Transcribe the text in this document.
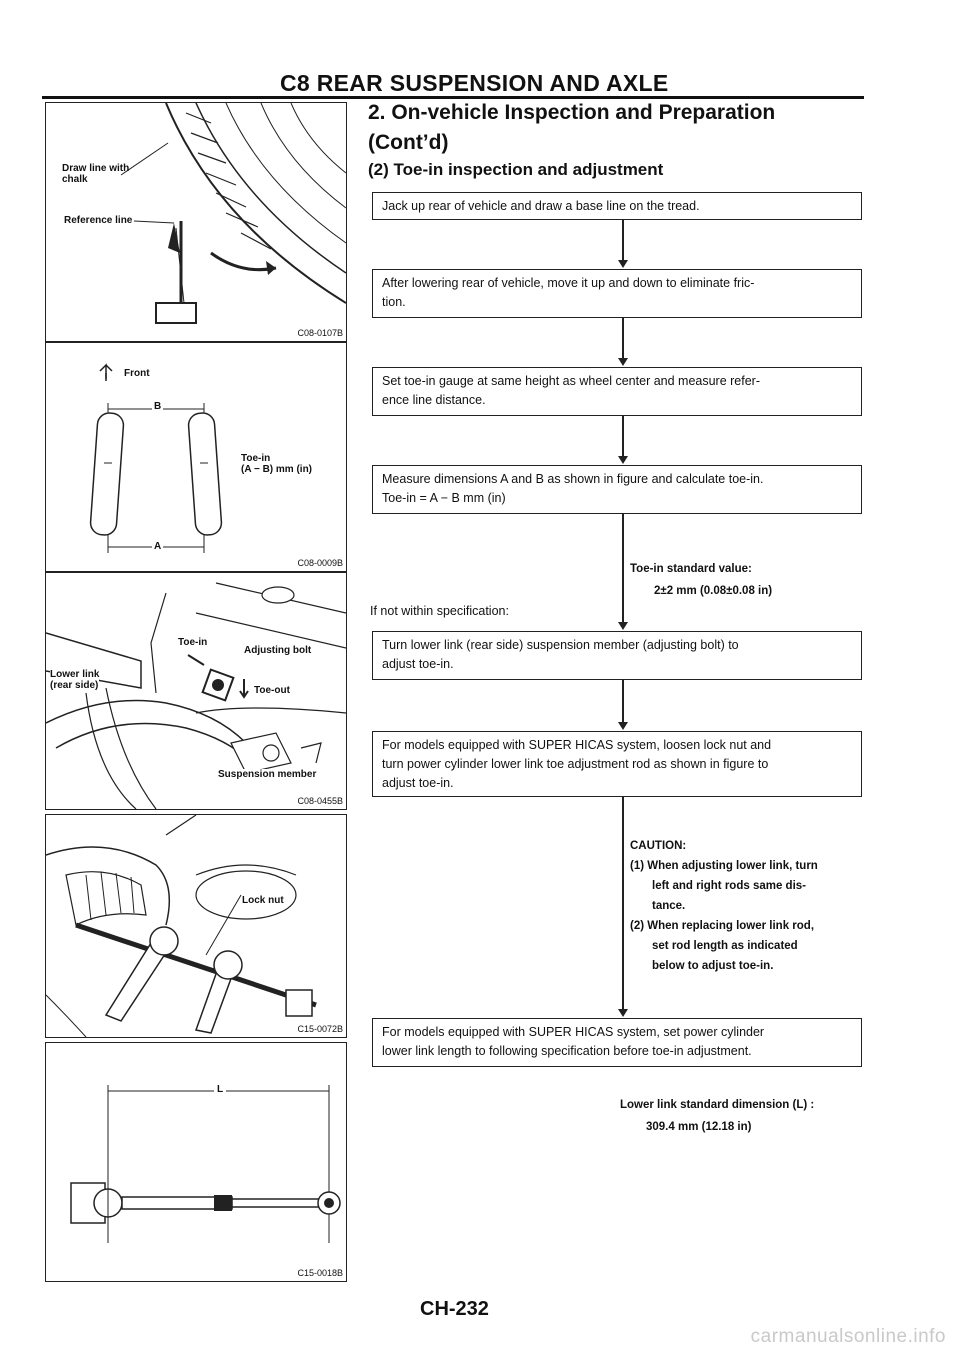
C8 REAR SUSPENSION AND AXLE
2. On-vehicle Inspection and Preparation
(Cont’d)
(2) Toe-in inspection and adjustment
Draw line with
chalk
Reference line
C08-0107B
Front
B
A
Toe-in
(A − B) mm (in)
C08-0009B
Lower link
(rear side)
Toe-in
Adjusting bolt
Toe-out
Suspension member
C08-0455B
Lock nut
C15-0072B
L
C15-0018B
Jack up rear of vehicle and draw a base line on the tread.
After lowering rear of vehicle, move it up and down to eliminate fric-
tion.
Set toe-in gauge at same height as wheel center and measure refer-
ence line distance.
Measure dimensions A and B as shown in figure and calculate toe-in.
Toe-in = A − B mm (in)
Toe-in standard value:
2±2 mm (0.08±0.08 in)
If not within specification:
Turn lower link (rear side) suspension member (adjusting bolt) to
adjust toe-in.
For models equipped with SUPER HICAS system, loosen lock nut and
turn power cylinder lower link toe adjustment rod as shown in figure to
adjust toe-in.
CAUTION:
(1) When adjusting lower link, turn
left and right rods same dis-
tance.
(2) When replacing lower link rod,
set rod length as indicated
below to adjust toe-in.
For models equipped with SUPER HICAS system, set power cylinder
lower link length to following specification before toe-in adjustment.
Lower link standard dimension (L) :
309.4 mm (12.18 in)
CH-232
carmanualsonline.info
